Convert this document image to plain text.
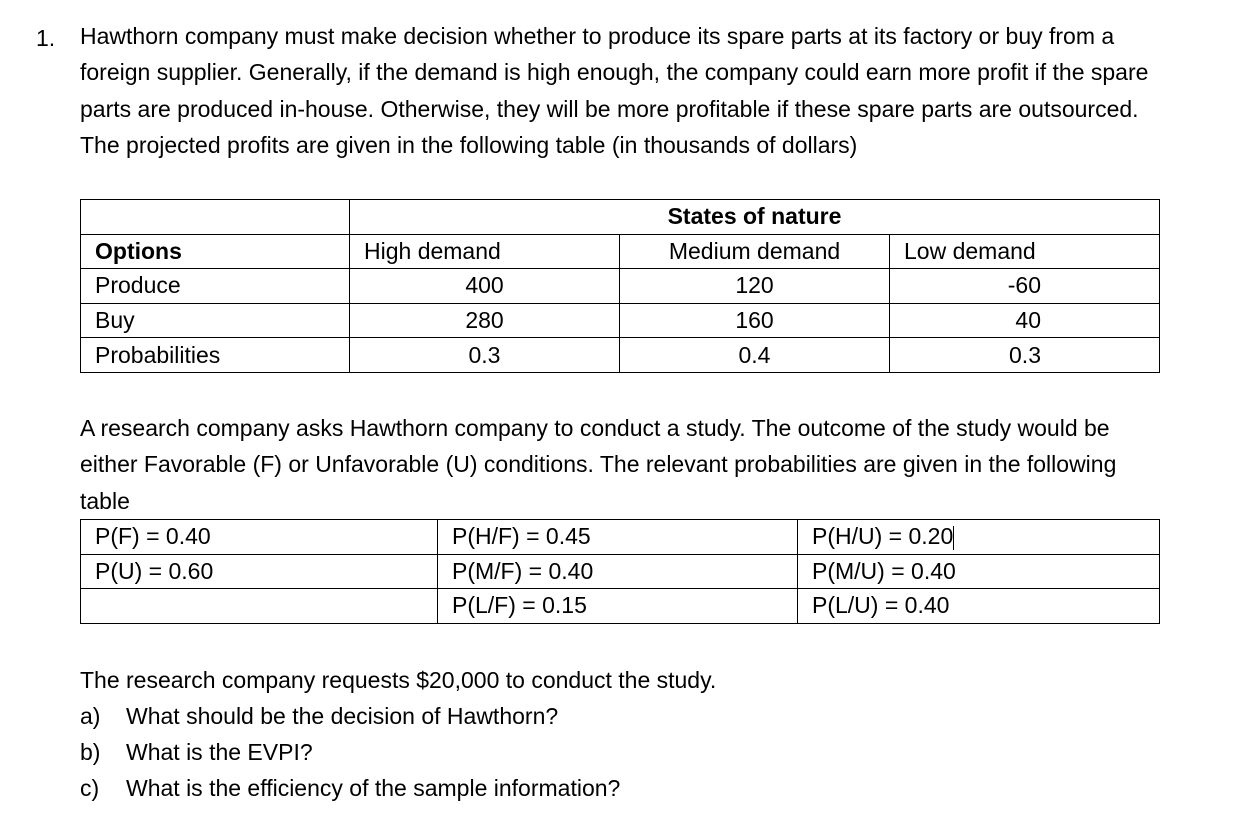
1. Hawthorn company must make decision whether to produce its spare parts at its factory or buy from a foreign supplier. Generally, if the demand is high enough, the company could earn more profit if the spare parts are produced in-house. Otherwise, they will be more profitable if these spare parts are outsourced. The projected profits are given in the following table (in thousands of dollars)
	States of nature		
Options	High demand	Medium demand	Low demand
Produce	400	120	-60
Buy	280	160	40
Probabilities	0.3	0.4	0.3
A research company asks Hawthorn company to conduct a study. The outcome of the study would be either Favorable (F) or Unfavorable (U) conditions. The relevant probabilities are given in the following table
P(F) = 0.40	P(H/F) = 0.45	P(H/U) = 0.20
P(U) = 0.60	P(M/F) = 0.40	P(M/U) = 0.40
	P(L/F) = 0.15	P(L/U) = 0.40
The research company requests $20,000 to conduct the study.
a)	What should be the decision of Hawthorn?
b)	What is the EVPI?
c)	What is the efficiency of the sample information?
